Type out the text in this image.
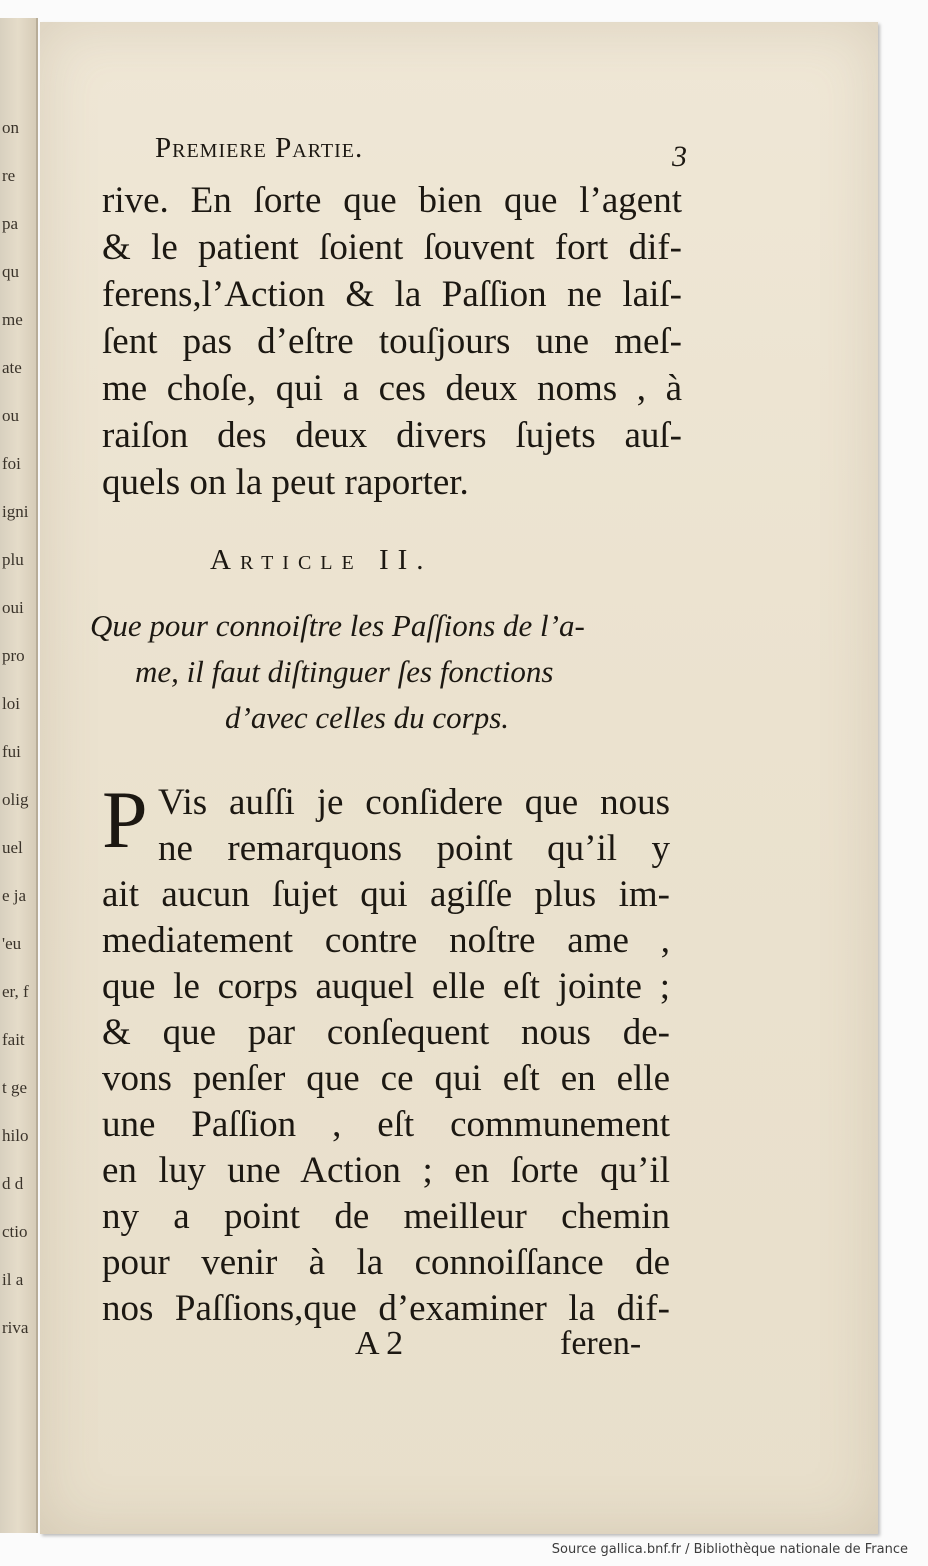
on
re
pa
qu
me
ate
ou
foi
igni
plu
oui
pro
loi
fui
olig
uel
e ja
'eu
er, f
fait
t ge
hilo
d d
ctio
il a
riva
Premiere Partie.	3
rive. En ſorte que bien que l’agent
& le patient ſoient ſouvent fort dif-
ferens,l’Action & la Paſſion ne laiſ-
ſent pas d’eſtre touſjours une meſ-
me choſe, qui a ces deux noms , à
raiſon des deux divers ſujets auſ-
quels on la peut raporter.
Article II.
Que pour connoiſtre les Paſſions de l’a-
me, il faut diſtinguer ſes fonctions
d’avec celles du corps.
P Vis auſſi je conſidere que nous
ne remarquons point qu’il y
ait aucun ſujet qui agiſſe plus im-
mediatement contre noſtre ame ,
que le corps auquel elle eſt jointe ;
& que par conſequent nous de-
vons penſer que ce qui eſt en elle
une Paſſion , eſt communement
en luy une Action ; en ſorte qu’il
ny a point de meilleur chemin
pour venir à la connoiſſance de
nos Paſſions,que d’examiner la dif-
A 2	feren-
Source gallica.bnf.fr / Bibliothèque nationale de France
